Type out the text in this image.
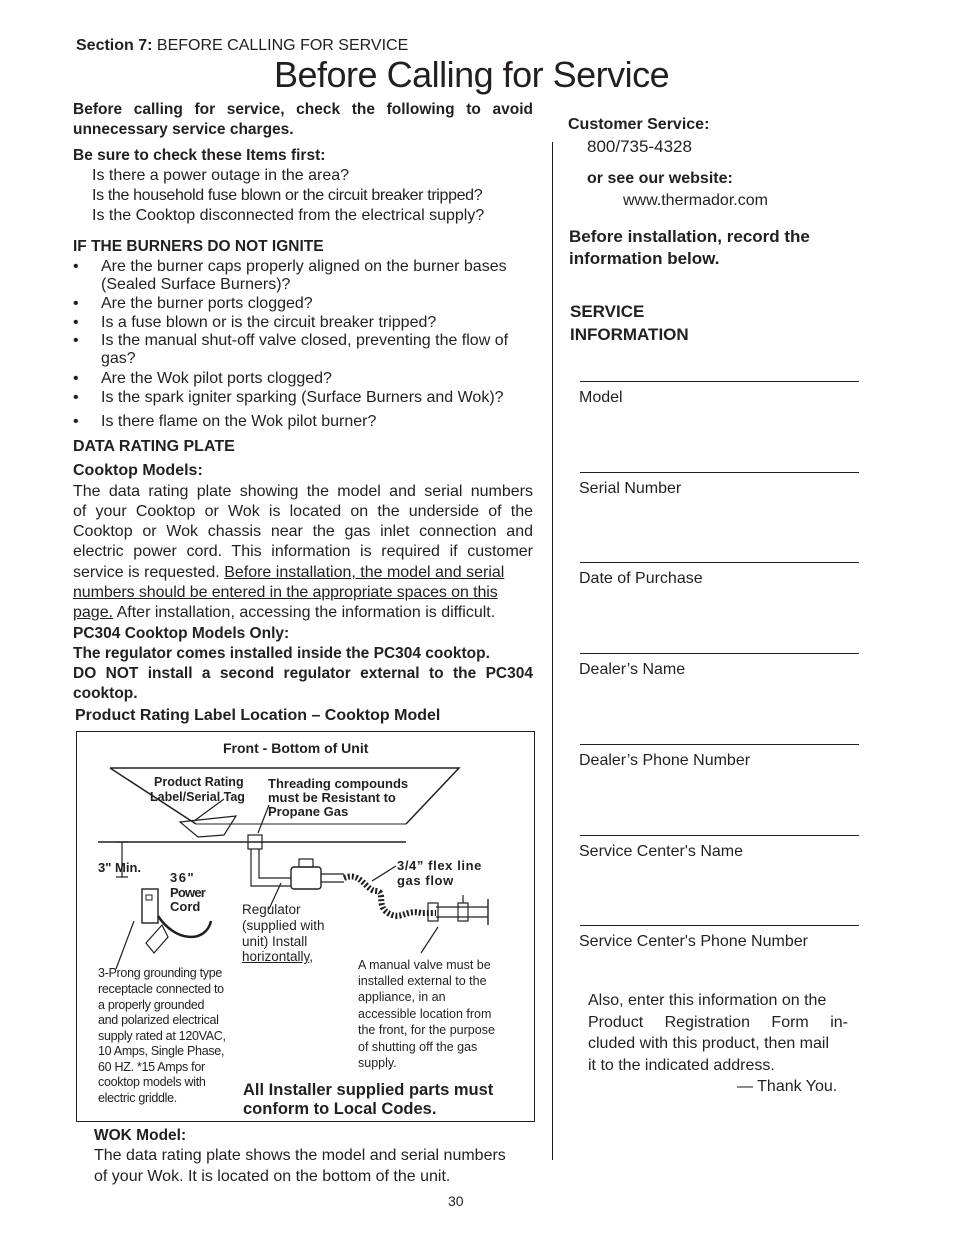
Section 7: BEFORE CALLING FOR SERVICE
Before Calling for Service
Before calling for service, check the following to avoid
unnecessary service charges.
Be sure to check these Items first:
Is there a power outage in the area?
Is the household fuse blown or the circuit breaker tripped?
Is the Cooktop disconnected from the electrical supply?
IF THE BURNERS DO NOT IGNITE
• Are the burner caps properly aligned on the burner bases
(Sealed Surface Burners)?
• Are the burner ports clogged?
• Is a fuse blown or is the circuit breaker tripped?
• Is the manual shut-off valve closed, preventing the flow of
gas?
• Are the Wok pilot ports clogged?
• Is the spark igniter sparking (Surface Burners and Wok)?
• Is there flame on the Wok pilot burner?
DATA RATING PLATE
Cooktop Models:
The data rating plate showing the model and serial numbers
of your Cooktop or Wok is located on the underside of the
Cooktop or Wok chassis near the gas inlet connection and
electric power cord. This information is required if customer
service is requested. Before installation, the model and serial
numbers should be entered in the appropriate spaces on this
page. After installation, accessing the information is difficult.
PC304 Cooktop Models Only:
The regulator comes installed inside the PC304 cooktop.
DO NOT install a second regulator external to the PC304
cooktop.
Product Rating Label Location – Cooktop Model
Front - Bottom of Unit
Product Rating
Label/Serial Tag
Threading compounds
must be Resistant to
Propane Gas
3" Min.
36"
Power
Cord
3/4” flex line
gas flow
Regulator
(supplied with
unit) Install
horizontally,
A manual valve must be
installed external to the
appliance, in an
accessible location from
the front, for the purpose
of shutting off the gas
supply.
3-Prong grounding type
receptacle connected to
a properly grounded
and polarized electrical
supply rated at 120VAC,
10 Amps, Single Phase,
60 HZ. *15 Amps for
cooktop models with
electric griddle.	All Installer supplied parts must
conform to Local Codes.
WOK Model:
The data rating plate shows the model and serial numbers
of your Wok. It is located on the bottom of the unit.
Customer Service:
800/735-4328
or see our website:
www.thermador.com
Before installation, record the
information below.
SERVICE
INFORMATION
Model
Serial Number
Date of Purchase
Dealer’s Name
Dealer’s Phone Number
Service Center's Name
Service Center's Phone Number
Also, enter this information on the
Product Registration Form in-
cluded with this product, then mail
it to the indicated address.
— Thank You.
30
